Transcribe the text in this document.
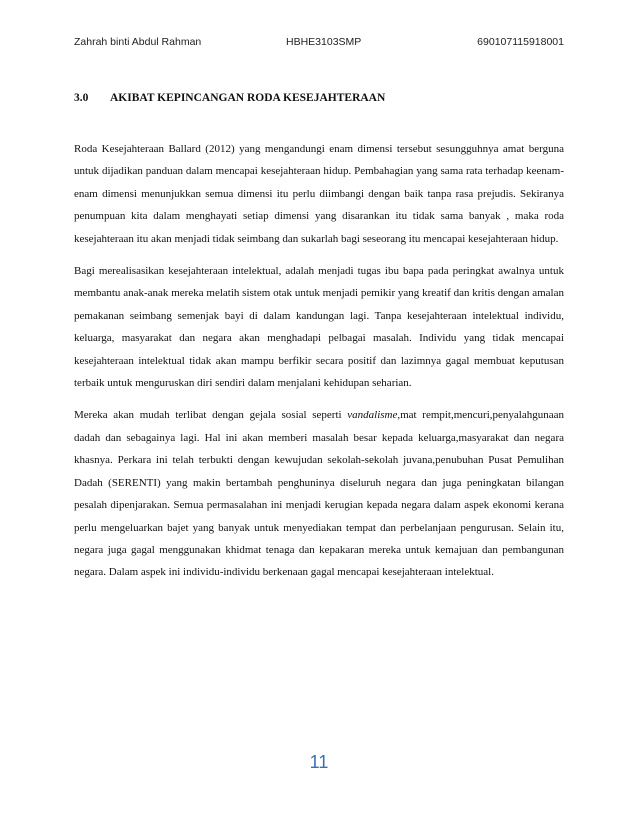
Zahrah binti Abdul Rahman	HBHE3103SMP	690107115918001
3.0 AKIBAT KEPINCANGAN RODA KESEJAHTERAAN

Roda Kesejahteraan Ballard (2012) yang mengandungi enam dimensi tersebut sesungguhnya amat berguna untuk dijadikan panduan dalam mencapai kesejahteraan hidup. Pembahagian yang sama rata terhadap keenam-enam dimensi menunjukkan semua dimensi itu perlu diimbangi dengan baik tanpa rasa prejudis. Sekiranya penumpuan kita dalam menghayati setiap dimensi yang disarankan itu tidak sama banyak , maka roda kesejahteraan itu akan menjadi tidak seimbang dan sukarlah bagi seseorang itu mencapai kesejahteraan hidup.

Bagi merealisasikan kesejahteraan intelektual, adalah menjadi tugas ibu bapa pada peringkat awalnya untuk membantu anak-anak mereka melatih sistem otak untuk menjadi pemikir yang kreatif dan kritis dengan amalan pemakanan seimbang semenjak bayi di dalam kandungan lagi. Tanpa kesejahteraan intelektual individu, keluarga, masyarakat dan negara akan menghadapi pelbagai masalah. Individu yang tidak mencapai kesejahteraan intelektual tidak akan mampu berfikir secara positif dan lazimnya gagal membuat keputusan terbaik untuk menguruskan diri sendiri dalam menjalani kehidupan seharian.

Mereka akan mudah terlibat dengan gejala sosial seperti vandalisme,mat rempit,mencuri,penyalahgunaan dadah dan sebagainya lagi. Hal ini akan memberi masalah besar kepada keluarga,masyarakat dan negara khasnya. Perkara ini telah terbukti dengan kewujudan sekolah-sekolah juvana,penubuhan Pusat Pemulihan Dadah (SERENTI) yang makin bertambah penghuninya diseluruh negara dan juga peningkatan bilangan pesalah dipenjarakan. Semua permasalahan ini menjadi kerugian kepada negara dalam aspek ekonomi kerana perlu mengeluarkan bajet yang banyak untuk menyediakan tempat dan perbelanjaan pengurusan. Selain itu, negara juga gagal menggunakan khidmat tenaga dan kepakaran mereka untuk kemajuan dan pembangunan negara. Dalam aspek ini individu-individu berkenaan gagal mencapai kesejahteraan intelektual.

11
